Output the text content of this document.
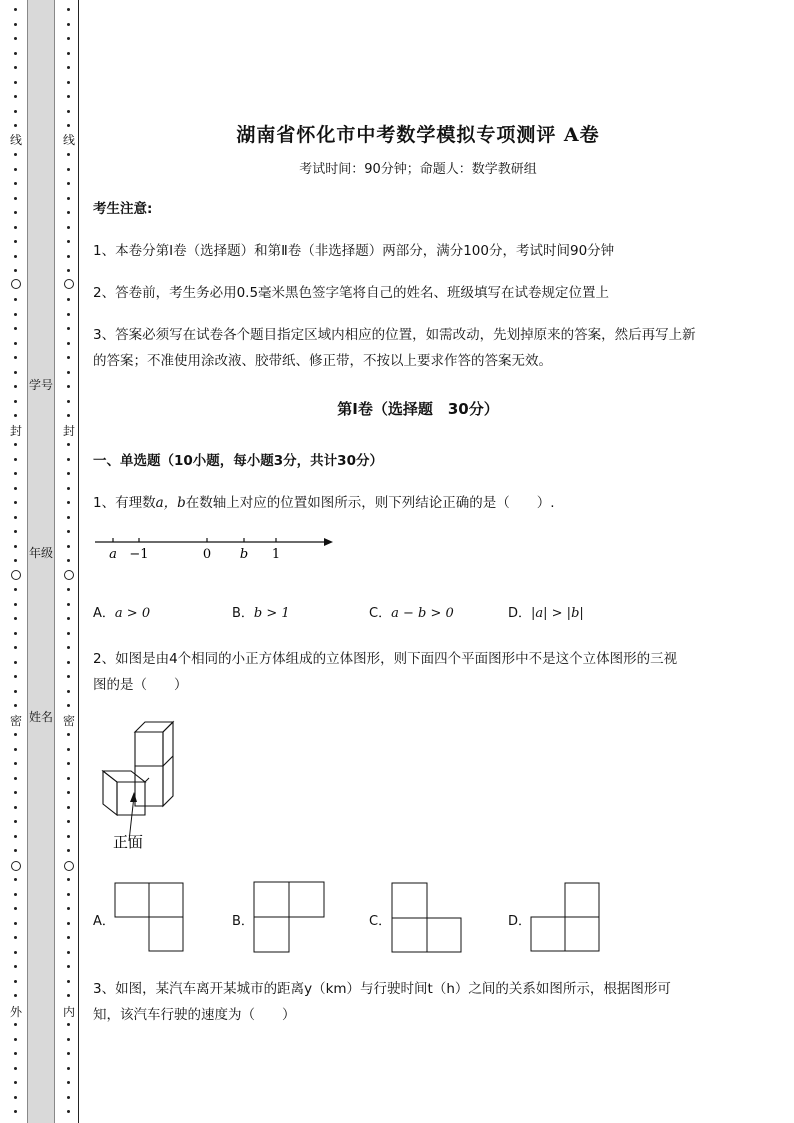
线
封
密
外
学号
年级
姓名
线
封
密
内
湖南省怀化市中考数学模拟专项测评 A卷
考试时间：90分钟；命题人：数学教研组
考生注意:
1、本卷分第Ⅰ卷（选择题）和第Ⅱ卷（非选择题）两部分，满分100分，考试时间90分钟
2、答卷前，考生务必用0.5毫米黑色签字笔将自己的姓名、班级填写在试卷规定位置上
3、答案必须写在试卷各个题目指定区域内相应的位置，如需改动，先划掉原来的答案，然后再写上新
的答案；不准使用涂改液、胶带纸、修正带，不按以上要求作答的答案无效。
第Ⅰ卷（选择题　30分）
一、单选题（10小题，每小题3分，共计30分）
1、有理数a，b在数轴上对应的位置如图所示，则下列结论正确的是（　　）.
a −1	0 b 1
A．a > 0	B．b > 1	C．a − b > 0	D．|a| > |b|
2、如图是由4个相同的小正方体组成的立体图形，则下面四个平面图形中不是这个立体图形的三视
图的是（　　）
正面
A．	B．	C．	D．
3、如图，某汽车离开某城市的距离y（km）与行驶时间t（h）之间的关系如图所示，根据图形可
知，该汽车行驶的速度为（　　）
